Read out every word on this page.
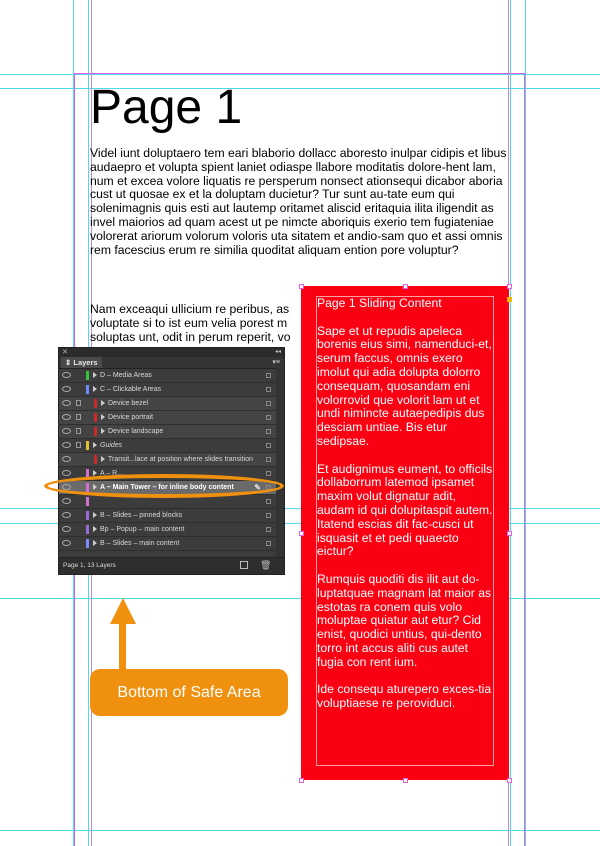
Page 1
Videl iunt doluptaero tem eari blaborio dollacc aboresto inulpar cidipis et libus audaepro et volupta spient laniet odiaspe llabore moditatis dolore-hent lam, num et excea volore liquatis re persperum nonsect ationsequi dicabor aboria cust ut quosae ex et la doluptam ducietur? Tur sunt au-tate eum qui solenimagnis quis esti aut lautemp oritamet aliscid eritaquia ilita iligendit as invel maiorios ad quam acest ut pe nimcte aboriquis exerio tem fugiateniae volorerat ariorum volorum voloris uta sitatem et andio-sam quo et assi omnis rem facescius erum re similia quoditat aliquam ention pore voluptur?
Nam exceaqui ullicium re peribus, as voluptate si to ist eum velia porest m soluptas unt, odit in perum reperit, vo

Page 1 Sliding Content

Sape et ut repudis apeleca borenis eius simi, namenduci-et, serum faccus, omnis exero imolut qui adia dolupta dolorro consequam, quosandam eni volorrovid que volorit lam ut et undi nimincte autaepedipis dus desciam untiae. Bis etur sedipsae.

Et audignimus eument, to officils dollaborrum latemod ipsamet maxim volut dignatur adit, audam id qui dolupitaspit autem. Itatend escias dit fac-cusci ut isquasit et et pedi quaecto eictur?

Rumquis quoditi dis ilit aut do-luptatquae magnam lat maior as estotas ra conem quis volo moluptae quiatur aut etur? Cid enist, quodici untius, qui-dento torro int accus aliti cus autet fugia con rent ium.

Ide consequ aturepero exces-tia voluptiaese re peroviduci.

✕	◂◂
⇕ Layers	▾≡
D – Media Areas
C – Clickable Areas
Device bezel
Device portrait
Device landscape
Guides
Transit...lace at position where slides transition
A – R...
A – Main Tower – for inline body content	✎
B – Slides – pinned blocks
Bp – Popup – main content
B – Slides – main content
Page 1, 13 Layers	🗑
Bottom of Safe Area
